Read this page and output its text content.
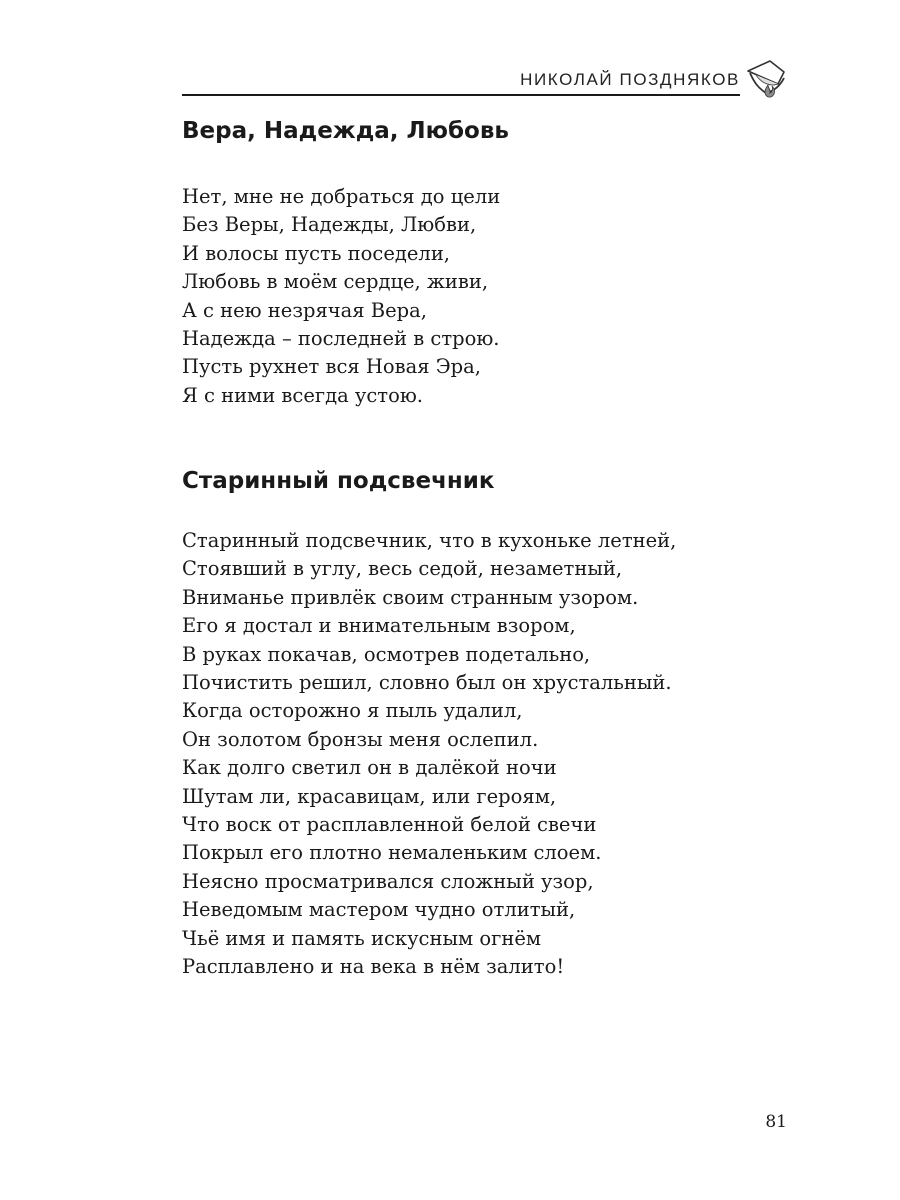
НИКОЛАЙ ПОЗДНЯКОВ
Вера, Надежда, Любовь
Нет, мне не добраться до цели
Без Веры, Надежды, Любви,
И волосы пусть поседели,
Любовь в моём сердце, живи,
А с нею незрячая Вера,
Надежда – последней в строю.
Пусть рухнет вся Новая Эра,
Я с ними всегда устою.
Старинный подсвечник
Старинный подсвечник, что в кухоньке летней,
Стоявший в углу, весь седой, незаметный,
Вниманье привлёк своим странным узором.
Его я достал и внимательным взором,
В руках покачав, осмотрев подетально,
Почистить решил, словно был он хрустальный.
Когда осторожно я пыль удалил,
Он золотом бронзы меня ослепил.
Как долго светил он в далёкой ночи
Шутам ли, красавицам, или героям,
Что воск от расплавленной белой свечи
Покрыл его плотно немаленьким слоем.
Неясно просматривался сложный узор,
Неведомым мастером чудно отлитый,
Чьё имя и память искусным огнём
Расплавлено и на века в нём залито!
81
